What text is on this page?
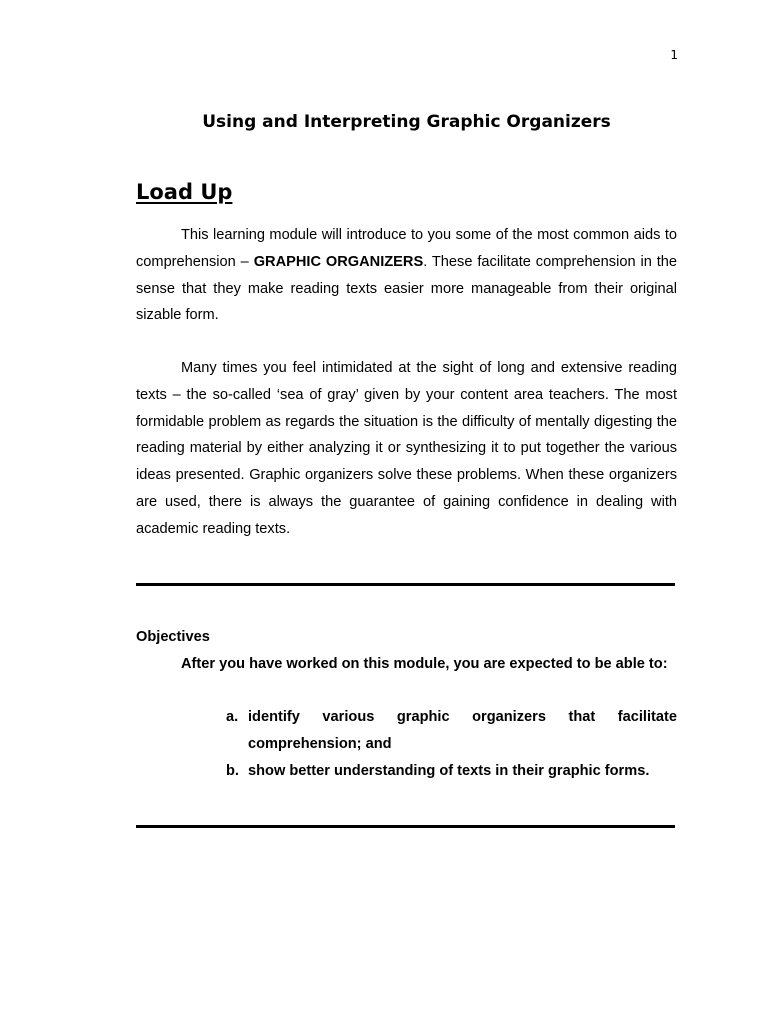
1
Using and Interpreting Graphic Organizers
Load Up

This learning module will introduce to you some of the most common aids to comprehension – GRAPHIC ORGANIZERS. These facilitate comprehension in the sense that they make reading texts easier more manageable from their original sizable form.

Many times you feel intimidated at the sight of long and extensive reading texts – the so-called ‘sea of gray’ given by your content area teachers. The most formidable problem as regards the situation is the difficulty of mentally digesting the reading material by either analyzing it or synthesizing it to put together the various ideas presented. Graphic organizers solve these problems. When these organizers are used, there is always the guarantee of gaining confidence in dealing with academic reading texts.

Objectives

After you have worked on this module, you are expected to be able to:

a. identify various graphic organizers that facilitate
comprehension; and
b. show better understanding of texts in their graphic forms.
